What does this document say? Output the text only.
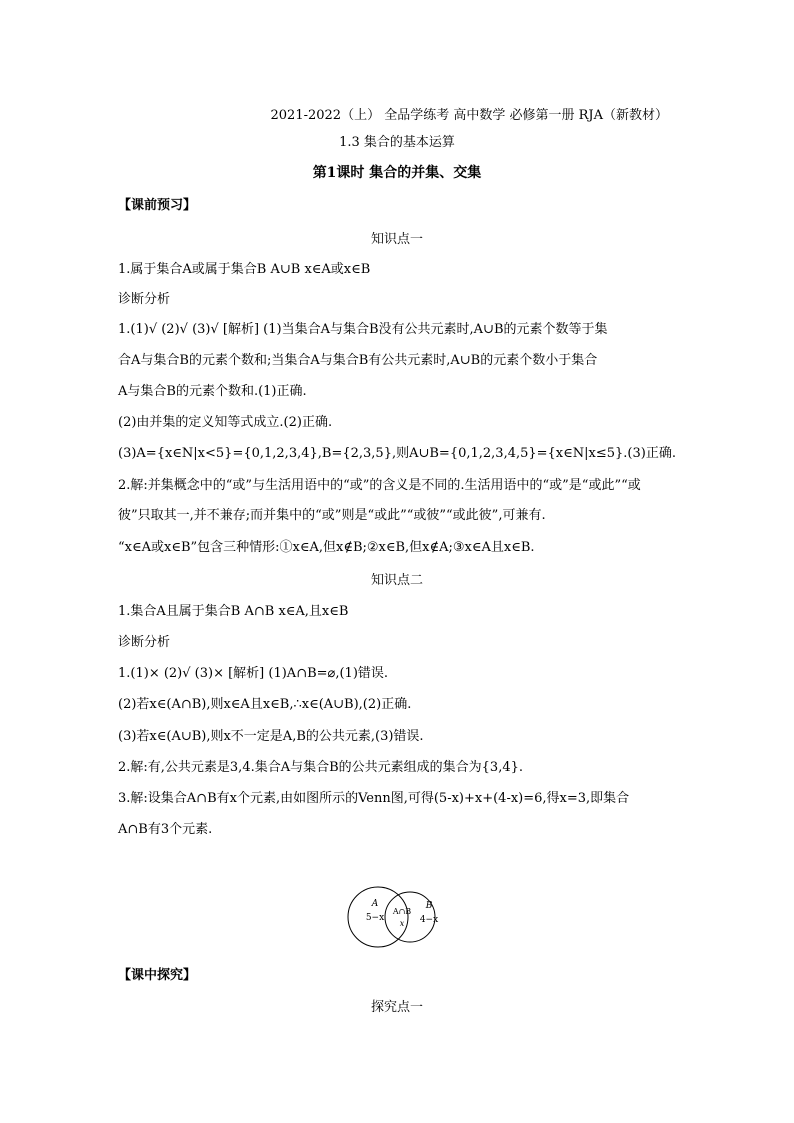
2021-2022（上） 全品学练考 高中数学 必修第一册 RJA（新教材）
1.3 集合的基本运算
第1课时 集合的并集、交集
【课前预习】
知识点一
1.属于集合A或属于集合B A∪B x∈A或x∈B
诊断分析
1.(1)√ (2)√ (3)√ [解析] (1)当集合A与集合B没有公共元素时,A∪B的元素个数等于集
合A与集合B的元素个数和;当集合A与集合B有公共元素时,A∪B的元素个数小于集合
A与集合B的元素个数和.(1)正确.
(2)由并集的定义知等式成立.(2)正确.
(3)A={x∈N|x<5}={0,1,2,3,4},B={2,3,5},则A∪B={0,1,2,3,4,5}={x∈N|x≤5}.(3)正确.
2.解:并集概念中的“或”与生活用语中的“或”的含义是不同的.生活用语中的“或”是“或此”“或
彼”只取其一,并不兼存;而并集中的“或”则是“或此”“或彼”“或此彼”,可兼有.
“x∈A或x∈B”包含三种情形:①x∈A,但x∉B;②x∈B,但x∉A;③x∈A且x∈B.
知识点二
1.集合A且属于集合B A∩B x∈A,且x∈B
诊断分析
1.(1)× (2)√ (3)× [解析] (1)A∩B=⌀,(1)错误.
(2)若x∈(A∩B),则x∈A且x∈B,∴x∈(A∪B),(2)正确.
(3)若x∈(A∪B),则x不一定是A,B的公共元素,(3)错误.
2.解:有,公共元素是3,4.集合A与集合B的公共元素组成的集合为{3,4}.
3.解:设集合A∩B有x个元素,由如图所示的Venn图,可得(5-x)+x+(4-x)=6,得x=3,即集合
A∩B有3个元素.
A
5−x
A∩B
x
B
4−x
【课中探究】
探究点一
